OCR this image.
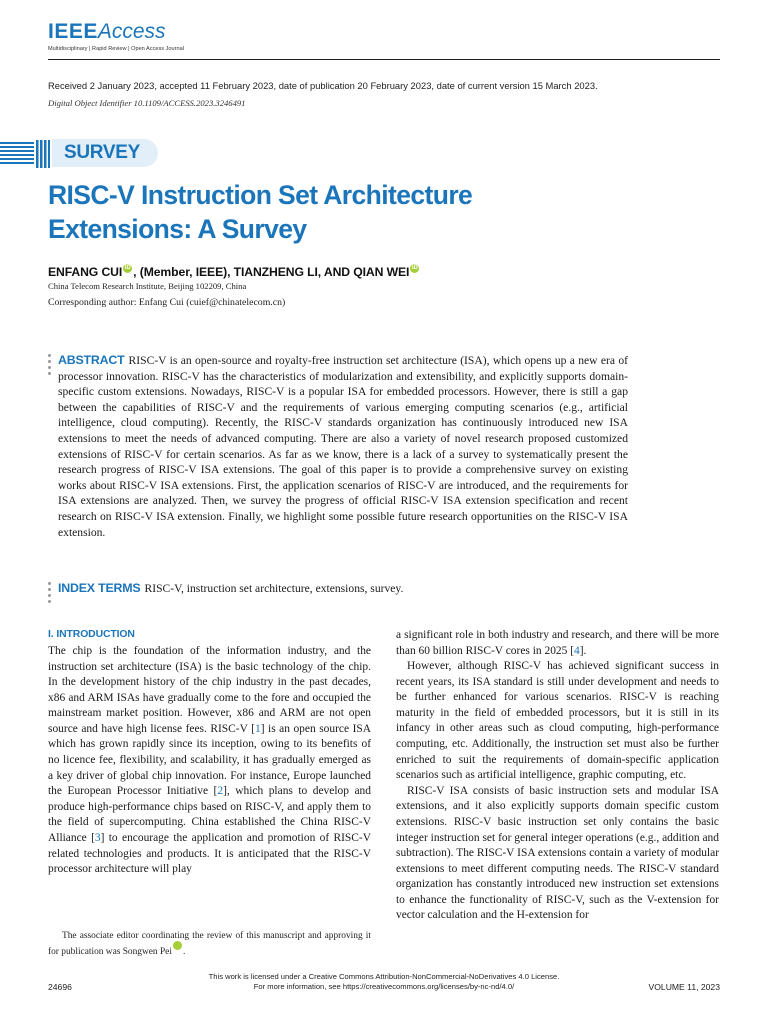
IEEEAccess
Multidisciplinary | Rapid Review | Open Access Journal
Received 2 January 2023, accepted 11 February 2023, date of publication 20 February 2023, date of current version 15 March 2023.
Digital Object Identifier 10.1109/ACCESS.2023.3246491
SURVEY
RISC-V Instruction Set Architecture
Extensions: A Survey
ENFANG CUI iD , (Member, IEEE), TIANZHENG LI, AND QIAN WEI iD
China Telecom Research Institute, Beijing 102209, China
Corresponding author: Enfang Cui (cuief@chinatelecom.cn)
ABSTRACT RISC-V is an open-source and royalty-free instruction set architecture (ISA), which opens up a new era of processor innovation. RISC-V has the characteristics of modularization and extensibility, and explicitly supports domain-specific custom extensions. Nowadays, RISC-V is a popular ISA for embedded processors. However, there is still a gap between the capabilities of RISC-V and the requirements of various emerging computing scenarios (e.g., artificial intelligence, cloud computing). Recently, the RISC-V standards organization has continuously introduced new ISA extensions to meet the needs of advanced computing. There are also a variety of novel research proposed customized extensions of RISC-V for certain scenarios. As far as we know, there is a lack of a survey to systematically present the research progress of RISC-V ISA extensions. The goal of this paper is to provide a comprehensive survey on existing works about RISC-V ISA extensions. First, the application scenarios of RISC-V are introduced, and the requirements for ISA extensions are analyzed. Then, we survey the progress of official RISC-V ISA extension specification and recent research on RISC-V ISA extension. Finally, we highlight some possible future research opportunities on the RISC-V ISA extension.
INDEX TERMS RISC-V, instruction set architecture, extensions, survey.
I. INTRODUCTION

The chip is the foundation of the information industry, and the instruction set architecture (ISA) is the basic technology of the chip. In the development history of the chip industry in the past decades, x86 and ARM ISAs have gradually come to the fore and occupied the mainstream market position. However, x86 and ARM are not open source and have high license fees. RISC-V [1] is an open source ISA which has grown rapidly since its inception, owing to its benefits of no licence fee, flexibility, and scalability, it has gradually emerged as a key driver of global chip innovation. For instance, Europe launched the European Processor Initiative [2], which plans to develop and produce high-performance chips based on RISC-V, and apply them to the field of supercomputing. China established the China RISC-V Alliance [3] to encourage the application and promotion of RISC-V related technologies and products. It is anticipated that the RISC-V processor architecture will play

The associate editor coordinating the review of this manuscript and approving it for publication was Songwen PeiiD.

a significant role in both industry and research, and there will be more than 60 billion RISC-V cores in 2025 [4].

However, although RISC-V has achieved significant success in recent years, its ISA standard is still under development and needs to be further enhanced for various scenarios. RISC-V is reaching maturity in the field of embedded processors, but it is still in its infancy in other areas such as cloud computing, high-performance computing, etc. Additionally, the instruction set must also be further enriched to suit the requirements of domain-specific application scenarios such as artificial intelligence, graphic computing, etc.

RISC-V ISA consists of basic instruction sets and modular ISA extensions, and it also explicitly supports domain specific custom extensions. RISC-V basic instruction set only contains the basic integer instruction set for general integer operations (e.g., addition and subtraction). The RISC-V ISA extensions contain a variety of modular extensions to meet different computing needs. The RISC-V standard organization has constantly introduced new instruction set extensions to enhance the functionality of RISC-V, such as the V-extension for vector calculation and the H-extension for

This work is licensed under a Creative Commons Attribution-NonCommercial-NoDerivatives 4.0 License.
For more information, see https://creativecommons.org/licenses/by-nc-nd/4.0/
24696	VOLUME 11, 2023
